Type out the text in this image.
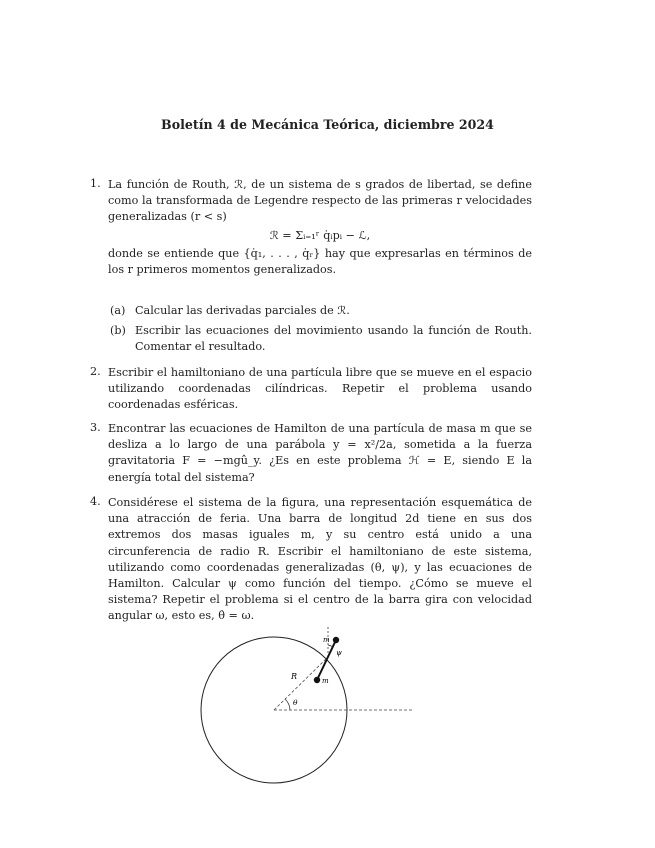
Boletín 4 de Mecánica Teórica, diciembre 2024
1. La función de Routh, ℛ, de un sistema de s grados de libertad, se define como la transformada de Legendre respecto de las primeras r velocidades generalizadas (r < s)
ℛ = Σᵢ₌₁ʳ q̇ᵢpᵢ − ℒ,
donde se entiende que {q̇₁, . . . , q̇ᵣ} hay que expresarlas en términos de los r primeros momentos generalizados.
(a) Calcular las derivadas parciales de ℛ.
(b) Escribir las ecuaciones del movimiento usando la función de Routh. Comentar el resultado.
2. Escribir el hamiltoniano de una partícula libre que se mueve en el espacio utilizando coordenadas cilíndricas. Repetir el problema usando coordenadas esféricas.
3. Encontrar las ecuaciones de Hamilton de una partícula de masa m que se desliza a lo largo de una parábola y = x²/2a, sometida a la fuerza gravitatoria F = −mgû_y. ¿Es en este problema ℋ = E, siendo E la energía total del sistema?
4. Considérese el sistema de la figura, una representación esquemática de una atracción de feria. Una barra de longitud 2d tiene en sus dos extremos dos masas iguales m, y su centro está unido a una circunferencia de radio R. Escribir el hamiltoniano de este sistema, utilizando como coordenadas generalizadas (θ, ψ), y las ecuaciones de Hamilton. Calcular ψ como función del tiempo. ¿Cómo se mueve el sistema? Repetir el problema si el centro de la barra gira con velocidad angular ω, esto es, θ̇ = ω.
R
θ
ψ
m
m
